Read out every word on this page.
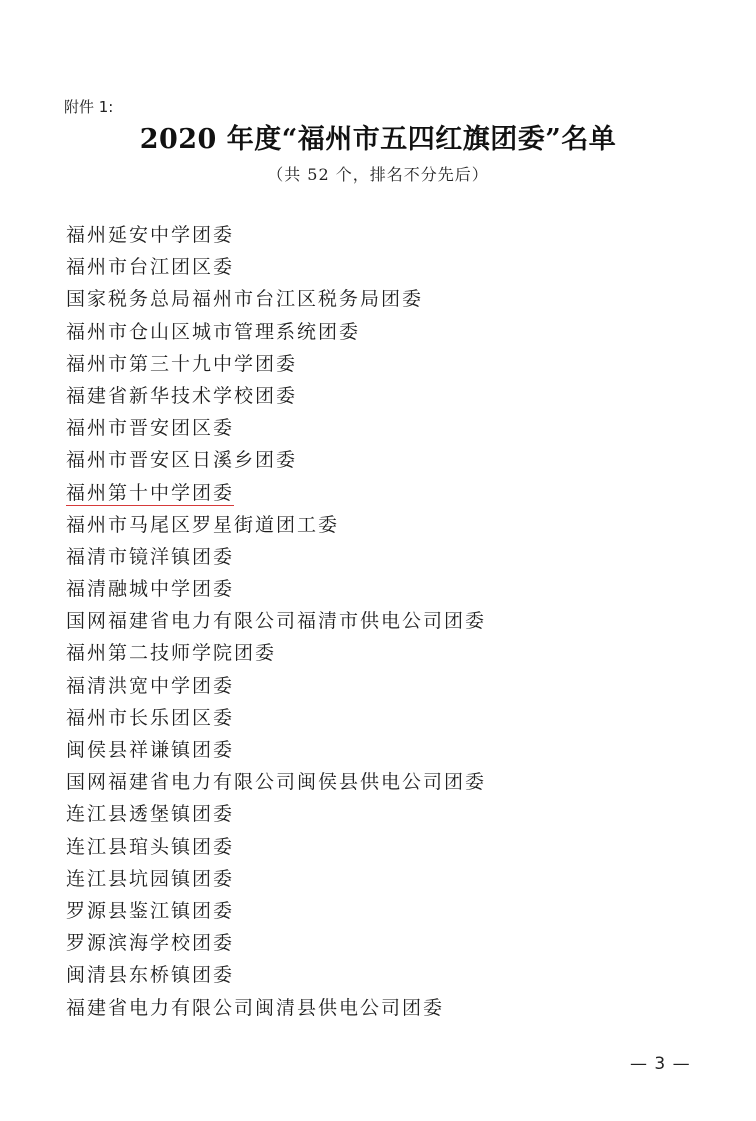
附件 1:
2020 年度“福州市五四红旗团委”名单
（共 52 个，排名不分先后）
福州延安中学团委
福州市台江团区委
国家税务总局福州市台江区税务局团委
福州市仓山区城市管理系统团委
福州市第三十九中学团委
福建省新华技术学校团委
福州市晋安团区委
福州市晋安区日溪乡团委
福州第十中学团委
福州市马尾区罗星街道团工委
福清市镜洋镇团委
福清融城中学团委
国网福建省电力有限公司福清市供电公司团委
福州第二技师学院团委
福清洪宽中学团委
福州市长乐团区委
闽侯县祥谦镇团委
国网福建省电力有限公司闽侯县供电公司团委
连江县透堡镇团委
连江县琯头镇团委
连江县坑园镇团委
罗源县鉴江镇团委
罗源滨海学校团委
闽清县东桥镇团委
福建省电力有限公司闽清县供电公司团委
— 3 —
